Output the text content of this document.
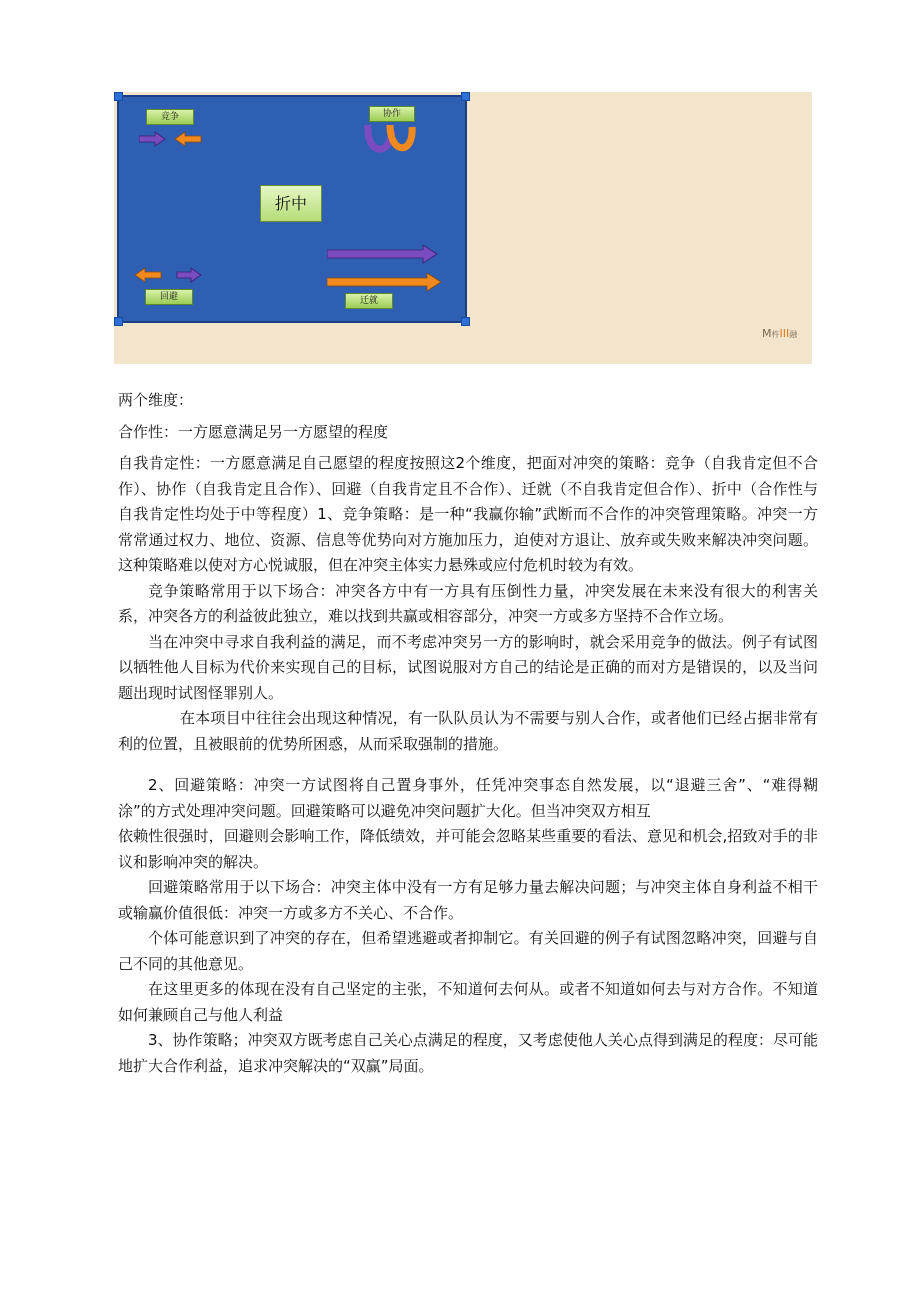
竞争	协作
折中
迁就
回避
M杵III融

两个维度：

合作性：一方愿意满足另一方愿望的程度

自我肯定性：一方愿意满足自己愿望的程度按照这2个维度，把面对冲突的策略：竞争（自我肯定但不合作）、协作（自我肯定且合作）、回避（自我肯定且不合作）、迁就（不自我肯定但合作）、折中（合作性与自我肯定性均处于中等程度）1、竞争策略：是一种“我赢你输”武断而不合作的冲突管理策略。冲突一方常常通过权力、地位、资源、信息等优势向对方施加压力，迫使对方退让、放弃或失败来解决冲突问题。这种策略难以使对方心悦诚服，但在冲突主体实力悬殊或应付危机时较为有效。

竞争策略常用于以下场合：冲突各方中有一方具有压倒性力量，冲突发展在未来没有很大的利害关系，冲突各方的利益彼此独立，难以找到共赢或相容部分，冲突一方或多方坚持不合作立场。

当在冲突中寻求自我利益的满足，而不考虑冲突另一方的影响时，就会采用竞争的做法。例子有试图以牺牲他人目标为代价来实现自己的目标，试图说服对方自己的结论是正确的而对方是错误的，以及当问题出现时试图怪罪别人。

在本项目中往往会出现这种情况，有一队队员认为不需要与别人合作，或者他们已经占据非常有利的位置，且被眼前的优势所困惑，从而采取强制的措施。

2、回避策略：冲突一方试图将自己置身事外，任凭冲突事态自然发展，以“退避三舍”、“难得糊涂”的方式处理冲突问题。回避策略可以避免冲突问题扩大化。但当冲突双方相互

依赖性很强时，回避则会影响工作，降低绩效，并可能会忽略某些重要的看法、意见和机会,招致对手的非议和影响冲突的解决。

回避策略常用于以下场合：冲突主体中没有一方有足够力量去解决问题；与冲突主体自身利益不相干或输赢价值很低：冲突一方或多方不关心、不合作。

个体可能意识到了冲突的存在，但希望逃避或者抑制它。有关回避的例子有试图忽略冲突，回避与自己不同的其他意见。

在这里更多的体现在没有自己坚定的主张，不知道何去何从。或者不知道如何去与对方合作。不知道如何兼顾自己与他人利益

3、协作策略；冲突双方既考虑自己关心点满足的程度，又考虑使他人关心点得到满足的程度：尽可能地扩大合作利益，追求冲突解决的“双赢”局面。
